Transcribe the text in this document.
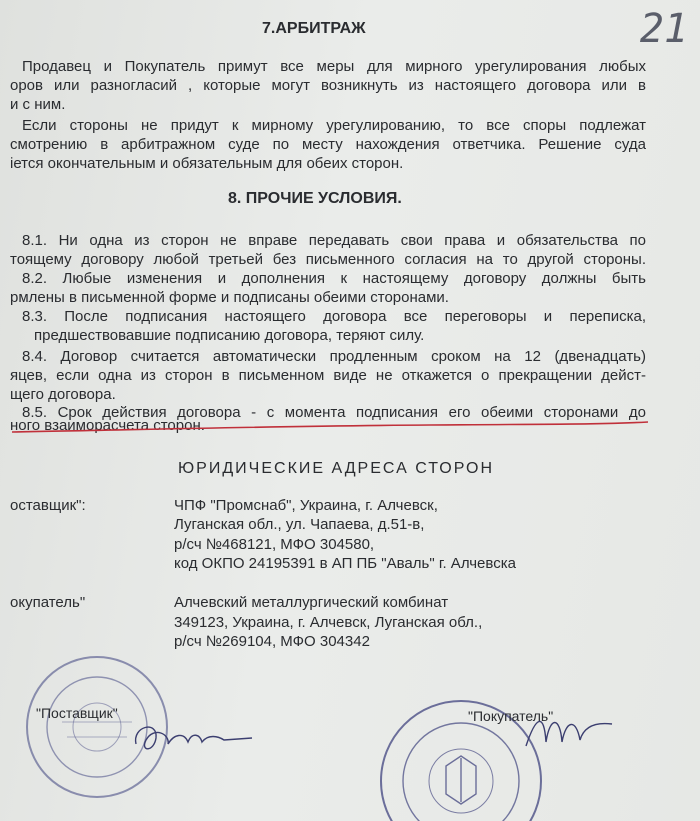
21
7.АРБИТРАЖ
Продавец и Покупатель примут все меры для мирного урегулирования любых
оров или разногласий , которые могут возникнуть из настоящего договора или в
и с ним.
Если стороны не придут к мирному урегулированию, то все споры подлежат
смотрению в арбитражном суде по месту нахождения ответчика. Решение суда
іется окончательным и обязательным для обеих сторон.
8. ПРОЧИЕ УСЛОВИЯ.
8.1. Ни одна из сторон не вправе передавать свои права и обязательства по
тоящему договору любой третьей без письменного согласия на то другой стороны.
8.2. Любые изменения и дополнения к настоящему договору должны быть
рмлены в письменной форме и подписаны обеими сторонами.
8.3. После подписания настоящего договора все переговоры и переписка,
предшествовавшие подписанию договора, теряют силу.
8.4. Договор считается автоматически продленным сроком на 12 (двенадцать)
яцев, если одна из сторон в письменном виде не откажется о прекращении дейст-
щего договора.
8.5. Срок действия договора - с момента подписания его обеими сторонами до
ного взаиморасчета сторон.
ЮРИДИЧЕСКИЕ АДРЕСА СТОРОН
оставщик":	ЧПФ "Промснаб", Украина, г. Алчевск,
Луганская обл., ул. Чапаева, д.51-в,
р/сч №468121, МФО 304580,
код ОКПО 24195391 в АП ПБ "Аваль" г. Алчевска
окупатель"	Алчевский металлургический комбинат
349123, Украина, г. Алчевск, Луганская обл.,
р/сч №269104, МФО 304342
"Поставщик"	"Покупатель"
